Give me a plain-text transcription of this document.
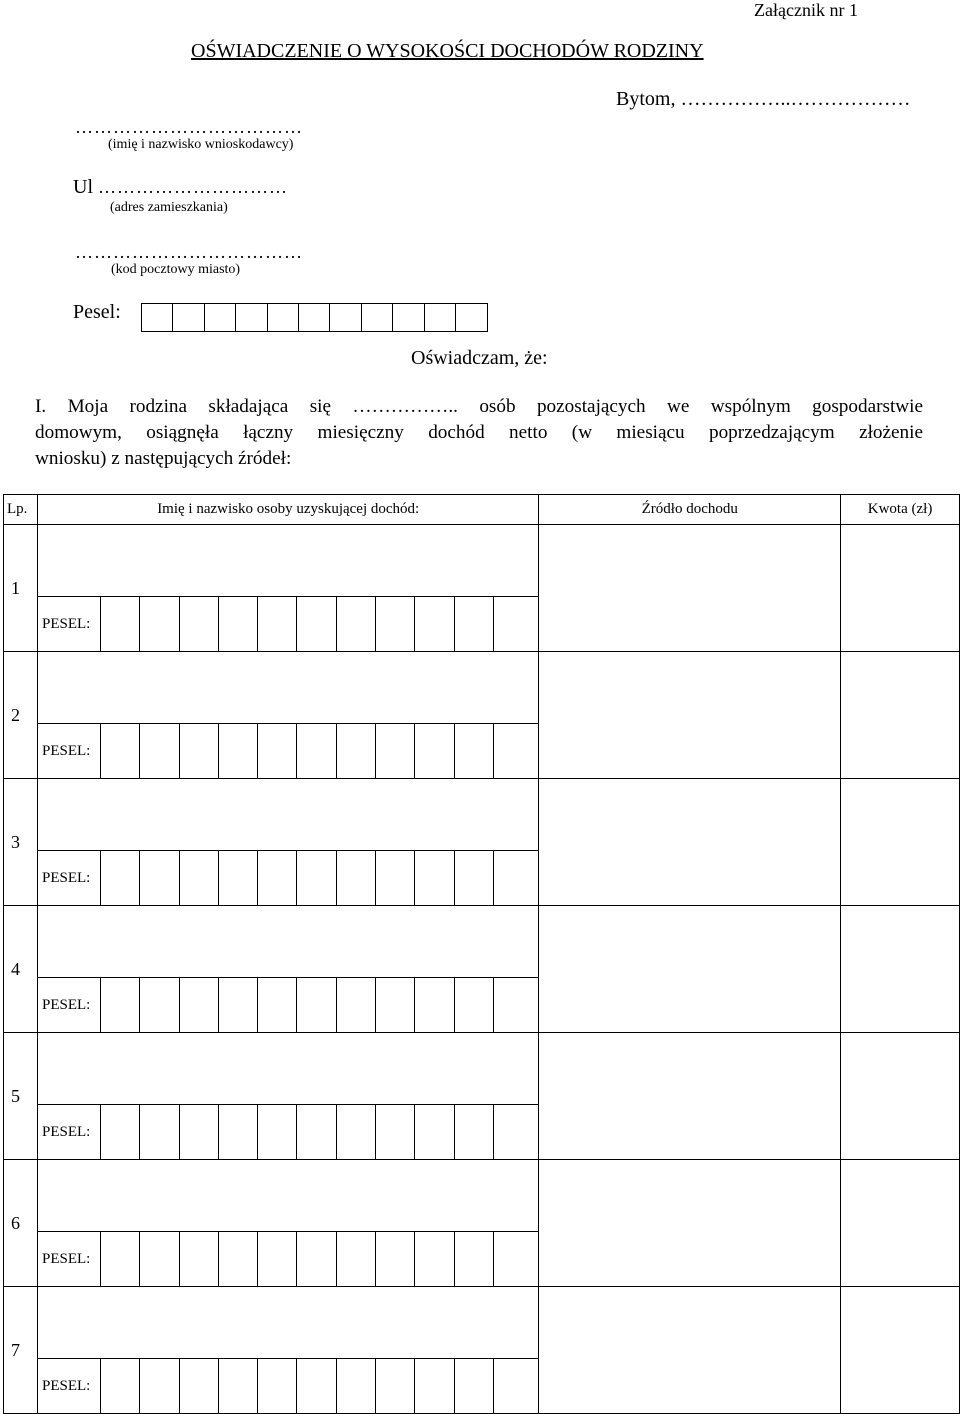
Załącznik nr 1
OŚWIADCZENIE O WYSOKOŚCI DOCHODÓW RODZINY
Bytom, ……………..………………
………………………………
(imię i nazwisko wnioskodawcy)
Ul …………………………
(adres zamieszkania)
………………………………
(kod pocztowy miasto)
Pesel:
Oświadczam, że:
I. Moja rodzina składająca się …………….. osób pozostających we wspólnym gospodarstwie
domowym, osiągnęła łączny miesięczny dochód netto (w miesiącu poprzedzającym złożenie
wniosku) z następujących źródeł:
Lp.	Imię i nazwisko osoby uzyskującej dochód:	Źródło dochodu	Kwota (zł)
1	PESEL:		

2	PESEL:		

3	PESEL:		

4	PESEL:		

5	PESEL:		

6	PESEL:		

7	PESEL:		
